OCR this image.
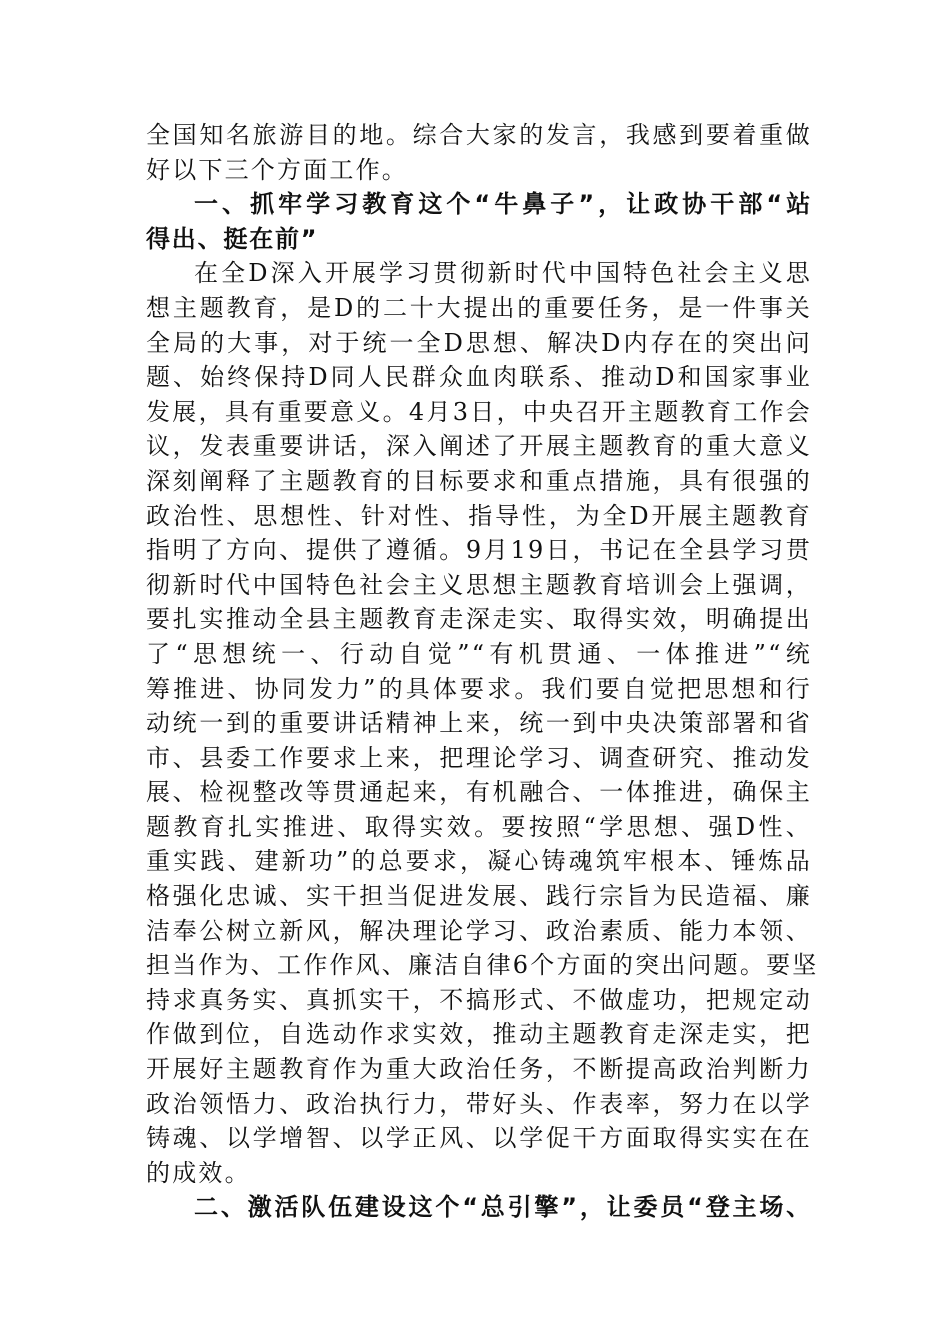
全国知名旅游目的地。综合大家的发言，我感到要着重做
好以下三个方面工作。
一、抓牢学习教育这个“牛鼻子”，让政协干部“站
得出、挺在前”
在全D深入开展学习贯彻新时代中国特色社会主义思
想主题教育，是D的二十大提出的重要任务，是一件事关
全局的大事，对于统一全D思想、解决D内存在的突出问
题、始终保持D同人民群众血肉联系、推动D和国家事业
发展，具有重要意义。4月3日，中央召开主题教育工作会
议，发表重要讲话，深入阐述了开展主题教育的重大意义
深刻阐释了主题教育的目标要求和重点措施，具有很强的
政治性、思想性、针对性、指导性，为全D开展主题教育
指明了方向、提供了遵循。9月19日，书记在全县学习贯
彻新时代中国特色社会主义思想主题教育培训会上强调，
要扎实推动全县主题教育走深走实、取得实效，明确提出
了“思想统一、行动自觉”“有机贯通、一体推进”“统
筹推进、协同发力”的具体要求。我们要自觉把思想和行
动统一到的重要讲话精神上来，统一到中央决策部署和省
市、县委工作要求上来，把理论学习、调查研究、推动发
展、检视整改等贯通起来，有机融合、一体推进，确保主
题教育扎实推进、取得实效。要按照“学思想、强D性、
重实践、建新功”的总要求，凝心铸魂筑牢根本、锤炼品
格强化忠诚、实干担当促进发展、践行宗旨为民造福、廉
洁奉公树立新风，解决理论学习、政治素质、能力本领、
担当作为、工作作风、廉洁自律6个方面的突出问题。要坚
持求真务实、真抓实干，不搞形式、不做虚功，把规定动
作做到位，自选动作求实效，推动主题教育走深走实，把
开展好主题教育作为重大政治任务，不断提高政治判断力
政治领悟力、政治执行力，带好头、作表率，努力在以学
铸魂、以学增智、以学正风、以学促干方面取得实实在在
的成效。
二、激活队伍建设这个“总引擎”，让委员“登主场、
